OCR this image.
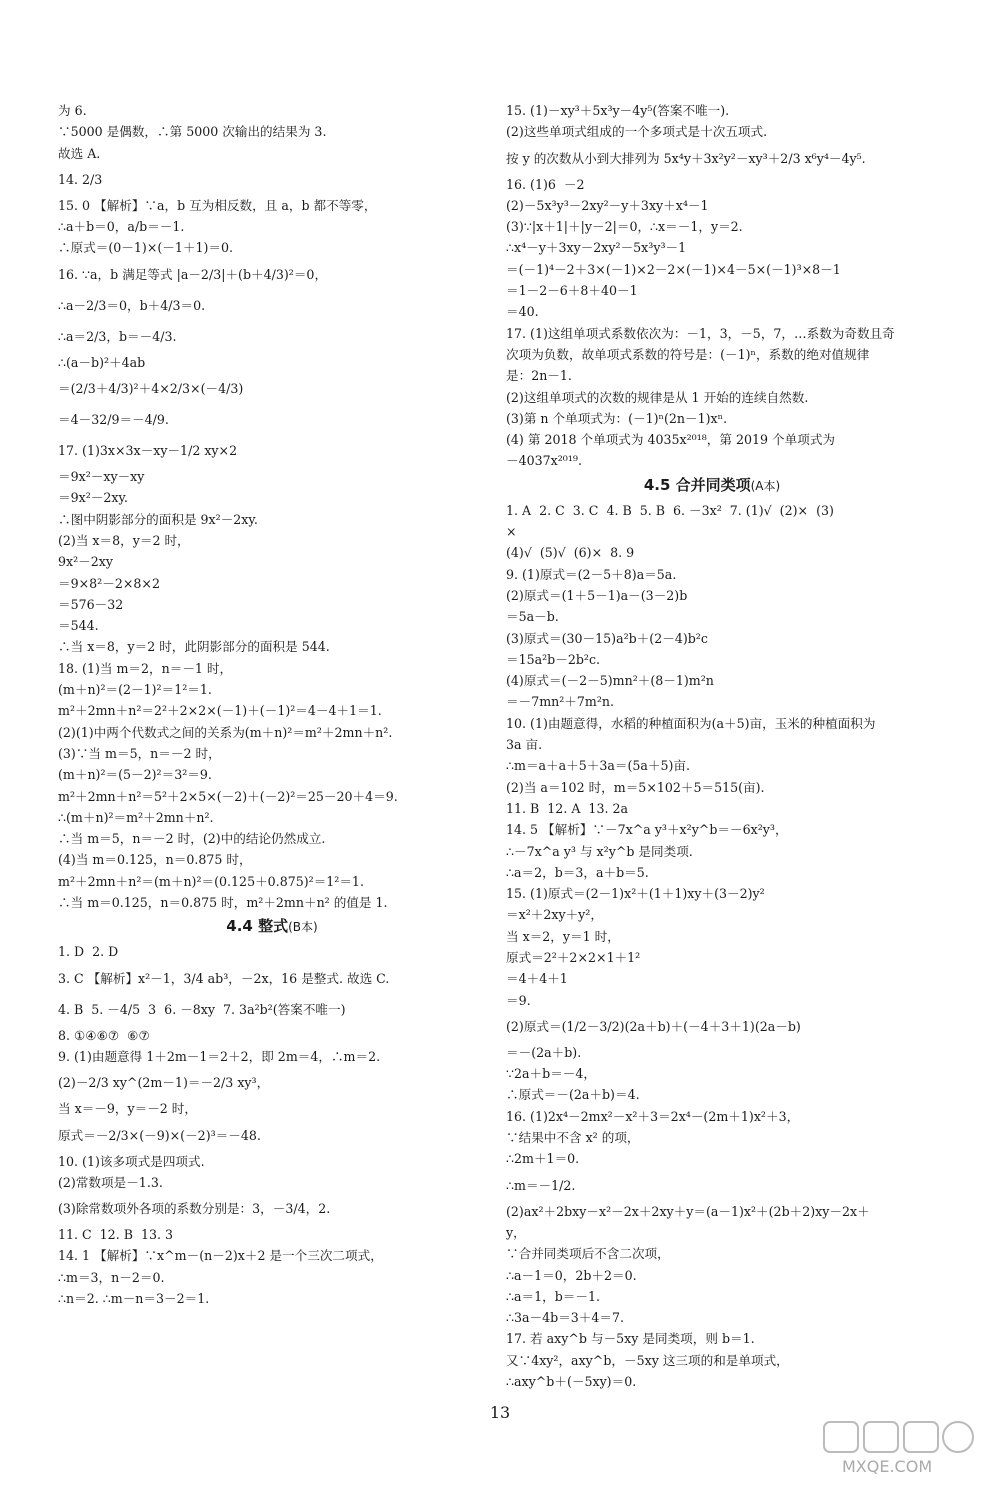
为 6.
∵5000 是偶数，∴第 5000 次输出的结果为 3.
故选 A.
14. 2/3
15. 0 【解析】∵a，b 互为相反数，且 a，b 都不等零，
∴a＋b＝0，a/b＝－1.
∴原式＝(0－1)×(－1＋1)＝0.
16. ∵a，b 满足等式 |a－2/3|＋(b＋4/3)²＝0，
∴a－2/3＝0，b＋4/3＝0.
∴a＝2/3，b＝－4/3.
∴(a－b)²＋4ab
＝(2/3＋4/3)²＋4×2/3×(－4/3)
＝4－32/9＝－4/9.
17. (1)3x×3x－xy－1/2 xy×2
＝9x²－xy－xy
＝9x²－2xy.
∴图中阴影部分的面积是 9x²－2xy.
(2)当 x＝8，y＝2 时，
9x²－2xy
＝9×8²－2×8×2
＝576－32
＝544.
∴当 x＝8，y＝2 时，此阴影部分的面积是 544.
18. (1)当 m＝2，n＝－1 时，
(m＋n)²＝(2－1)²＝1²＝1.
m²＋2mn＋n²＝2²＋2×2×(－1)＋(－1)²＝4－4＋1＝1.
(2)(1)中两个代数式之间的关系为(m＋n)²＝m²＋2mn＋n².
(3)∵当 m＝5，n＝－2 时，
(m＋n)²＝(5－2)²＝3²＝9.
m²＋2mn＋n²＝5²＋2×5×(－2)＋(－2)²＝25－20＋4＝9.
∴(m＋n)²＝m²＋2mn＋n².
∴当 m＝5，n＝－2 时，(2)中的结论仍然成立.
(4)当 m＝0.125，n＝0.875 时，
m²＋2mn＋n²＝(m＋n)²＝(0.125＋0.875)²＝1²＝1.
∴当 m＝0.125，n＝0.875 时，m²＋2mn＋n² 的值是 1.
4.4 整式(B本)
1. D  2. D
3. C 【解析】x²－1，3/4 ab³，－2x，16 是整式. 故选 C.
4. B  5. －4/5  3  6. －8xy  7. 3a²b²(答案不唯一)
8. ①④⑥⑦  ⑥⑦
9. (1)由题意得 1＋2m－1＝2＋2，即 2m＝4，∴m＝2.
(2)－2/3 xy^(2m－1)＝－2/3 xy³，
当 x＝－9，y＝－2 时，
原式＝－2/3×(－9)×(－2)³＝－48.
10. (1)该多项式是四项式.
(2)常数项是－1.3.
(3)除常数项外各项的系数分别是：3，－3/4，2.
11. C  12. B  13. 3
14. 1 【解析】∵x^m－(n－2)x＋2 是一个三次二项式，
∴m＝3，n－2＝0.
∴n＝2. ∴m－n＝3－2＝1.
15. (1)－xy³＋5x³y－4y⁵(答案不唯一).
(2)这些单项式组成的一个多项式是十次五项式.
按 y 的次数从小到大排列为 5x⁴y＋3x²y²－xy³＋2/3 x⁶y⁴－4y⁵.
16. (1)6  －2
(2)－5x³y³－2xy²－y＋3xy＋x⁴－1
(3)∵|x＋1|＋|y－2|＝0，∴x＝－1，y＝2.
∴x⁴－y＋3xy－2xy²－5x³y³－1
＝(－1)⁴－2＋3×(－1)×2－2×(－1)×4－5×(－1)³×8－1
＝1－2－6＋8＋40－1
＝40.
17. (1)这组单项式系数依次为：－1，3，－5，7，…系数为奇数且奇
次项为负数，故单项式系数的符号是：(－1)ⁿ，系数的绝对值规律
是：2n－1.
(2)这组单项式的次数的规律是从 1 开始的连续自然数.
(3)第 n 个单项式为：(－1)ⁿ(2n－1)xⁿ.
(4) 第 2018 个单项式为 4035x²⁰¹⁸，第 2019 个单项式为
－4037x²⁰¹⁹.
4.5 合并同类项(A本)
1. A  2. C  3. C  4. B  5. B  6. －3x²  7. (1)√  (2)×  (3)
×
(4)√  (5)√  (6)×  8. 9
9. (1)原式＝(2－5＋8)a＝5a.
(2)原式＝(1＋5－1)a－(3－2)b
＝5a－b.
(3)原式＝(30－15)a²b＋(2－4)b²c
＝15a²b－2b²c.
(4)原式＝(－2－5)mn²＋(8－1)m²n
＝－7mn²＋7m²n.
10. (1)由题意得，水稻的种植面积为(a＋5)亩，玉米的种植面积为
3a 亩.
∴m＝a＋a＋5＋3a＝(5a＋5)亩.
(2)当 a＝102 时，m＝5×102＋5＝515(亩).
11. B  12. A  13. 2a
14. 5 【解析】∵－7x^a y³＋x²y^b＝－6x²y³，
∴－7x^a y³ 与 x²y^b 是同类项.
∴a＝2，b＝3，a＋b＝5.
15. (1)原式＝(2－1)x²＋(1＋1)xy＋(3－2)y²
＝x²＋2xy＋y²，
当 x＝2，y＝1 时，
原式＝2²＋2×2×1＋1²
＝4＋4＋1
＝9.
(2)原式＝(1/2－3/2)(2a＋b)＋(－4＋3＋1)(2a－b)
＝－(2a＋b).
∵2a＋b＝－4，
∴原式＝－(2a＋b)＝4.
16. (1)2x⁴－2mx²－x²＋3＝2x⁴－(2m＋1)x²＋3，
∵结果中不含 x² 的项，
∴2m＋1＝0.
∴m＝－1/2.
(2)ax²＋2bxy－x²－2x＋2xy＋y＝(a－1)x²＋(2b＋2)xy－2x＋
y，
∵合并同类项后不含二次项，
∴a－1＝0，2b＋2＝0.
∴a＝1，b＝－1.
∴3a－4b＝3＋4＝7.
17. 若 axy^b 与－5xy 是同类项，则 b＝1.
又∵4xy²，axy^b，－5xy 这三项的和是单项式，
∴axy^b＋(－5xy)＝0.
13
MXQE.COM
